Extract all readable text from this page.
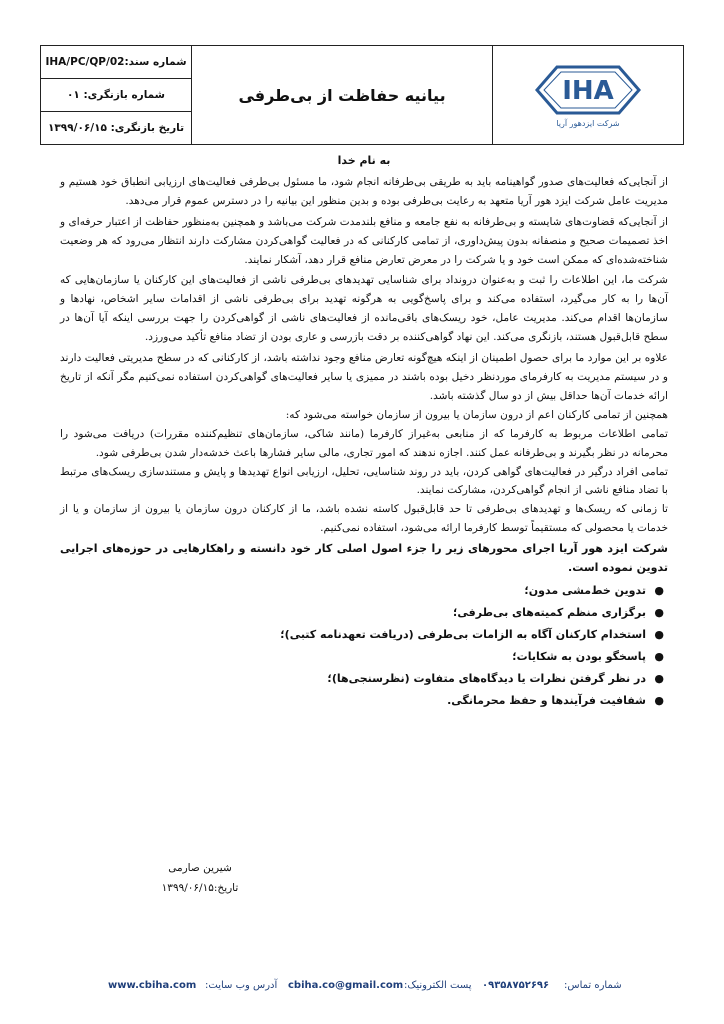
شماره سند:
IHA/PC/QP/02
شماره بازنگری:

۰۱
تاریخ بازنگری:

۱۳۹۹/۰۶/۱۵
بیانیه حفاظت از بی‌طرفی	IHA
شرکت ایزدهور آریا
به نام خدا

از آنجایی‌که فعالیت‌های صدور گواهینامه باید به طریقی بی‌طرفانه انجام شود، ما مسئول بی‌طرفی فعالیت‌های ارزیابی انطباق خود هستیم و مدیریت عامل شرکت ایزد هور آریا متعهد به رعایت بی‌طرفی بوده و بدین منظور این بیانیه را در دسترس عموم قرار می‌دهد.

از آنجایی‌که قضاوت‌های شایسته و بی‌طرفانه به نفع جامعه و منافع بلندمدت شرکت می‌باشد و همچنین به‌منظور حفاظت از اعتبار حرفه‌ای و اخذ تصمیمات صحیح و منصفانه بدون پیش‌داوری، از تمامی کارکنانی که در فعالیت گواهی‌کردن مشارکت دارند انتظار می‌رود که هر وضعیت شناخته‌شده‌ای که ممکن است خود و یا شرکت را در معرض تعارض منافع قرار دهد، آشکار نمایند.

شرکت ما، این اطلاعات را ثبت و به‌عنوان درونداد برای شناسایی تهدیدهای بی‌طرفی ناشی از فعالیت‌های این کارکنان یا سازمان‌هایی که آن‌ها را به کار می‌گیرد، استفاده می‌کند و برای پاسخ‌گویی به هرگونه تهدید برای بی‌طرفی ناشی از اقدامات سایر اشخاص، نهادها و سازمان‌ها اقدام می‌کند. مدیریت عامل، خود ریسک‌های باقی‌مانده از فعالیت‌های ناشی از گواهی‌کردن را جهت بررسی اینکه آیا آن‌ها در سطح قابل‌قبول هستند، بازنگری می‌کند. این نهاد گواهی‌کننده بر دقت بازرسی و عاری بودن از تضاد منافع تأکید می‌ورزد.

علاوه بر این موارد ما برای حصول اطمینان از اینکه هیچ‌گونه تعارض منافع وجود نداشته باشد، از کارکنانی که در سطح مدیریتی فعالیت دارند و در سیستم مدیریت به کارفرمای موردنظر دخیل بوده باشند در ممیزی یا سایر فعالیت‌های گواهی‌کردن استفاده نمی‌کنیم مگر آنکه از تاریخ ارائه خدمات آن‌ها حداقل بیش از دو سال گذشته باشد.

همچنین از تمامی کارکنان اعم از درون سازمان یا بیرون از سازمان خواسته می‌شود که:

تمامی اطلاعات مربوط به کارفرما که از منابعی به‌غیراز کارفرما (مانند شاکی، سازمان‌های تنظیم‌کننده مقررات) دریافت می‌شود را محرمانه در نظر بگیرند و بی‌طرفانه عمل کنند. اجازه ندهند که امور تجاری، مالی سایر فشارها باعث خدشه‌دار شدن بی‌طرفی شود.

تمامی افراد درگیر در فعالیت‌های گواهی کردن، باید در روند شناسایی، تحلیل، ارزیابی انواع تهدیدها و پایش و مستندسازی ریسک‌های مرتبط با تضاد منافع ناشی از انجام گواهی‌کردن، مشارکت نمایند.

تا زمانی که ریسک‌ها و تهدیدهای بی‌طرفی تا حد قابل‌قبول کاسته نشده باشد، ما از کارکنان درون سازمان یا بیرون از سازمان و یا از خدمات یا محصولی که مستقیماً توسط کارفرما ارائه می‌شود، استفاده نمی‌کنیم.

شرکت ایزد هور آریا اجرای محورهای زیر را جزء اصول اصلی کار خود دانسته و راهکارهایی در حوزه‌های اجرایی تدوین نموده است.
●
تدوین خط‌مشی مدون؛
●
برگزاری منظم کمیته‌های بی‌طرفی؛
●
استخدام کارکنان آگاه به الزامات بی‌طرفی (دریافت تعهدنامه کتبی)؛
●
پاسخگو بودن به شکایات؛
●
در نظر گرفتن نظرات یا دیدگاه‌های متفاوت (نظرسنجی‌ها)؛
●
شفافیت فرآیندها و حفظ محرمانگی.
شیرین صارمی
تاریخ:۱۳۹۹/۰۶/۱۵
www.cbiha.com آدرس وب سایت: cbiha.co@gmail.com پست الکترونیک: ۰۹۳۵۸۷۵۲۶۹۶ شماره تماس:
